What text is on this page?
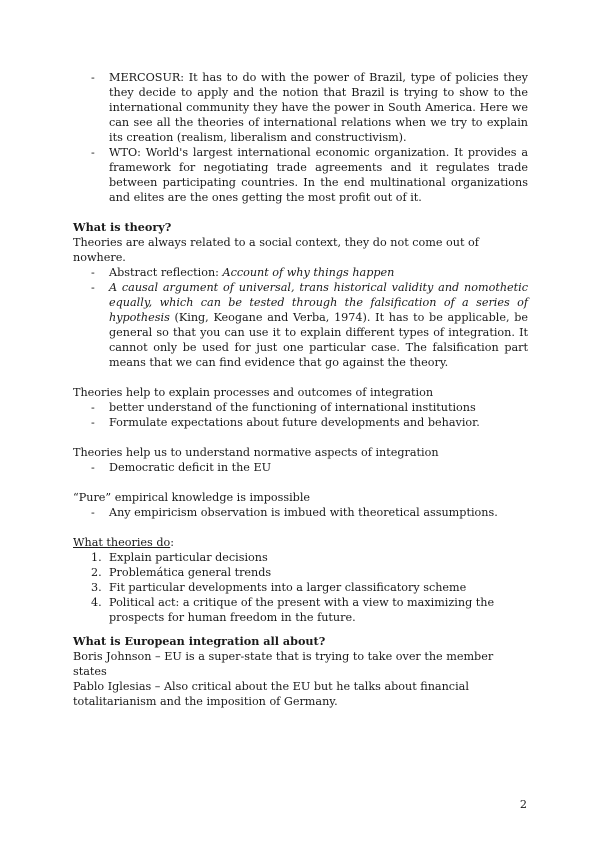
- MERCOSUR: It has to do with the power of Brazil, type of policies they they decide to apply and the notion that Brazil is trying to show to the international community they have the power in South America. Here we can see all the theories of international relations when we try to explain its creation (realism, liberalism and constructivism).
- WTO: World's largest international economic organization. It provides a framework for negotiating trade agreements and it regulates trade between participating countries. In the end multinational organizations and elites are the ones getting the most profit out of it.

What is theory?

Theories are always related to a social context, they do not come out of nowhere.

- Abstract reflection: Account of why things happen
- A causal argument of universal, trans historical validity and nomothetic equally, which can be tested through the falsification of a series of hypothesis (King, Keogane and Verba, 1974). It has to be applicable, be general so that you can use it to explain different types of integration. It cannot only be used for just one particular case. The falsification part means that we can find evidence that go against the theory.

Theories help to explain processes and outcomes of integration

- better understand of the functioning of international institutions
- Formulate expectations about future developments and behavior.

Theories help us to understand normative aspects of integration

- Democratic deficit in the EU

“Pure” empirical knowledge is impossible

- Any empiricism observation is imbued with theoretical assumptions.

What theories do:

1. Explain particular decisions
2. Problemática general trends
3. Fit particular developments into a larger classificatory scheme
4. Political act: a critique of the present with a view to maximizing the prospects for human freedom in the future.

What is European integration all about?

Boris Johnson – EU is a super-state that is trying to take over the member states

Pablo Iglesias – Also critical about the EU but he talks about financial totalitarianism and the imposition of Germany.

2
